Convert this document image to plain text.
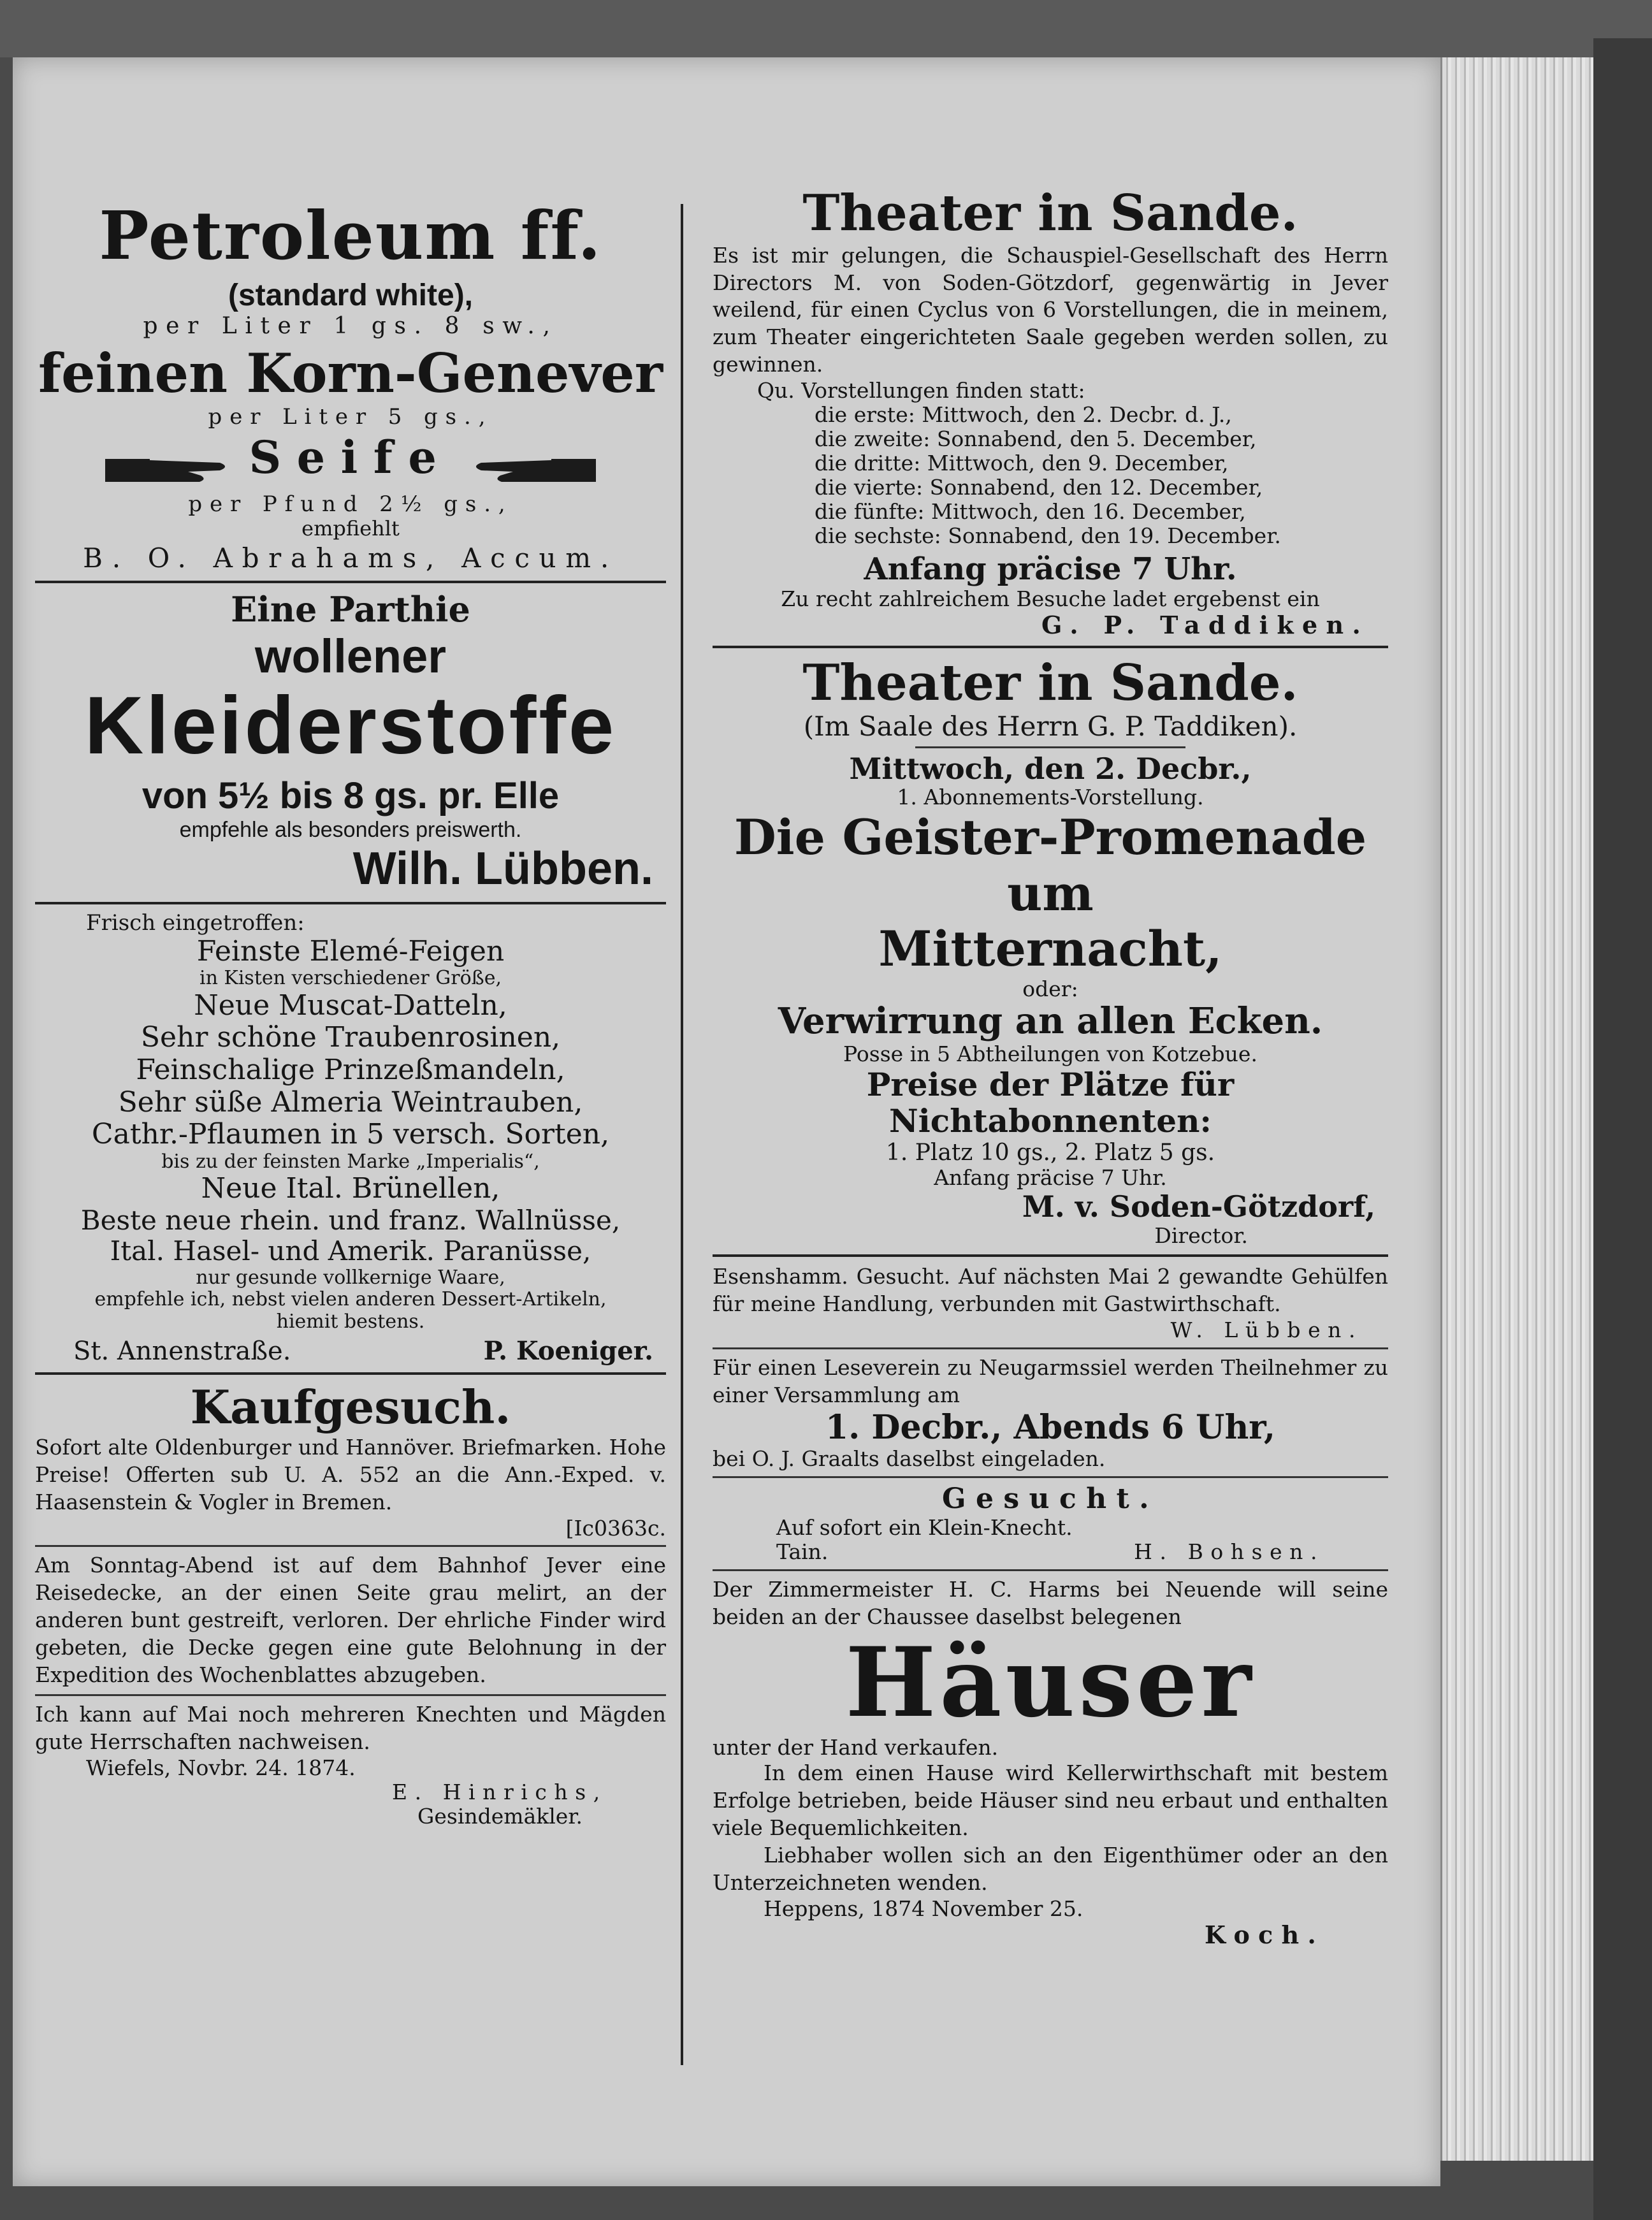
Petroleum ff.
(standard white),
per Liter 1 gs. 8 sw.,
feinen Korn-Genever
per Liter 5 gs.,
Seife
per Pfund 2½ gs.,
empfiehlt
B. O. Abrahams, Accum.
Eine Parthie
wollener
Kleiderstoffe
von 5½ bis 8 gs. pr. Elle
empfehle als besonders preiswerth.
Wilh. Lübben.
Frisch eingetroffen:
Feinste Elemé-Feigen
in Kisten verschiedener Größe,
Neue Muscat-Datteln,
Sehr schöne Traubenrosinen,
Feinschalige Prinzeßmandeln,
Sehr süße Almeria Weintrauben,
Cathr.-Pflaumen in 5 versch. Sorten,
bis zu der feinsten Marke „Imperialis“,
Neue Ital. Brünellen,
Beste neue rhein. und franz. Wallnüsse,
Ital. Hasel- und Amerik. Paranüsse,
nur gesunde vollkernige Waare,
empfehle ich, nebst vielen anderen Dessert-Artikeln,
hiemit bestens.
St. Annenstraße.	P. Koeniger.
Kaufgesuch.
Sofort alte Oldenburger und Hannöver. Briefmarken. Hohe Preise! Offerten sub U. A. 552 an die Ann.-Exped. v. Haasenstein & Vogler in Bremen.
[Ic0363c.
Am Sonntag-Abend ist auf dem Bahnhof Jever eine Reisedecke, an der einen Seite grau melirt, an der anderen bunt gestreift, verloren. Der ehrliche Finder wird gebeten, die Decke gegen eine gute Belohnung in der Expedition des Wochenblattes abzugeben.
Ich kann auf Mai noch mehreren Knechten und Mägden gute Herrschaften nachweisen.
Wiefels, Novbr. 24. 1874.
E. Hinrichs,
Gesindemäkler.
Theater in Sande.
Es ist mir gelungen, die Schauspiel-Gesellschaft des Herrn Directors M. von Soden-Götzdorf, gegenwärtig in Jever weilend, für einen Cyclus von 6 Vorstellungen, die in meinem, zum Theater eingerichteten Saale gegeben werden sollen, zu gewinnen.
Qu. Vorstellungen finden statt:
die erste: Mittwoch, den 2. Decbr. d. J.,
die zweite: Sonnabend, den 5. December,
die dritte: Mittwoch, den 9. December,
die vierte: Sonnabend, den 12. December,
die fünfte: Mittwoch, den 16. December,
die sechste: Sonnabend, den 19. December.
Anfang präcise 7 Uhr.
Zu recht zahlreichem Besuche ladet ergebenst ein
G. P. Taddiken.
Theater in Sande.
(Im Saale des Herrn G. P. Taddiken).
Mittwoch, den 2. Decbr.,
1. Abonnements-Vorstellung.
Die Geister-Promenade um
Mitternacht,
oder:
Verwirrung an allen Ecken.
Posse in 5 Abtheilungen von Kotzebue.
Preise der Plätze für Nichtabonnenten:
1. Platz 10 gs., 2. Platz 5 gs.
Anfang präcise 7 Uhr.
M. v. Soden-Götzdorf,
Director.
Esenshamm. Gesucht. Auf nächsten Mai 2 gewandte Gehülfen für meine Handlung, verbunden mit Gastwirthschaft.
W. Lübben.
Für einen Leseverein zu Neugarmssiel werden Theilnehmer zu einer Versammlung am
1. Decbr., Abends 6 Uhr,
bei O. J. Graalts daselbst eingeladen.
Gesucht.
Auf sofort ein Klein-Knecht.
Tain.	H. Bohsen.
Der Zimmermeister H. C. Harms bei Neuende will seine beiden an der Chaussee daselbst belegenen
Häuser
unter der Hand verkaufen.
In dem einen Hause wird Kellerwirthschaft mit bestem Erfolge betrieben, beide Häuser sind neu erbaut und enthalten viele Bequemlichkeiten.
Liebhaber wollen sich an den Eigenthümer oder an den Unterzeichneten wenden.
Heppens, 1874 November 25.
Koch.
